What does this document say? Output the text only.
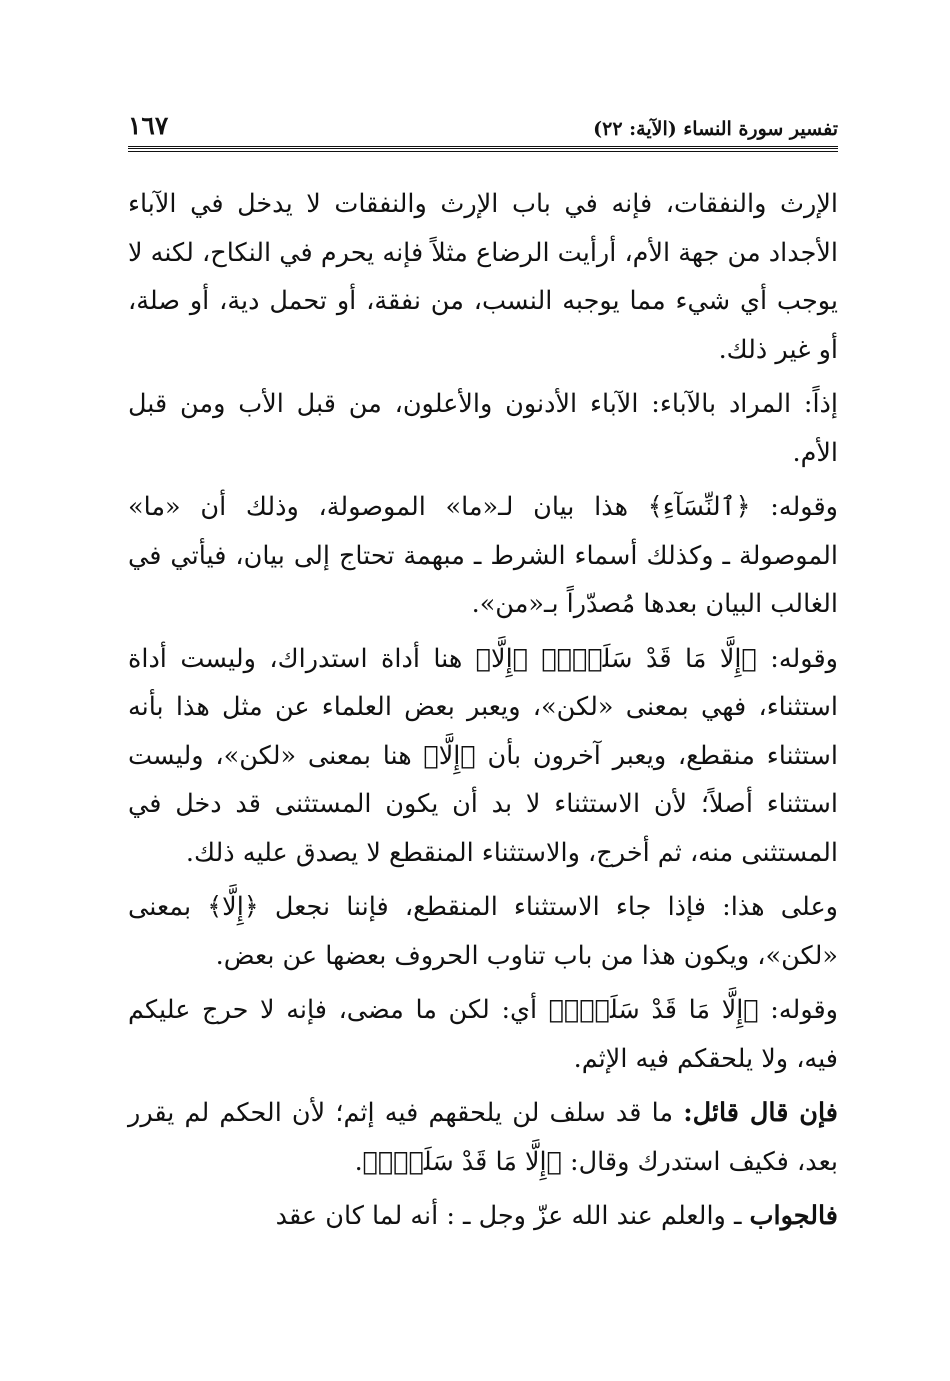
تفسير سورة النساء (الآية: ٢٢)
١٦٧

الإرث والنفقات، فإنه في باب الإرث والنفقات لا يدخل في الآباء الأجداد من جهة الأم، أرأيت الرضاع مثلاً فإنه يحرم في النكاح، لكنه لا يوجب أي شيء مما يوجبه النسب، من نفقة، أو تحمل دية، أو صلة، أو غير ذلك.

إذاً: المراد بالآباء: الآباء الأدنون والأعلون، من قبل الأب ومن قبل الأم.

وقوله: ﴿ٱلنِّسَآءِ﴾ هذا بيان لـ«ما» الموصولة، وذلك أن «ما» الموصولة ـ وكذلك أسماء الشرط ـ مبهمة تحتاج إلى بيان، فيأتي في الغالب البيان بعدها مُصدّراً بـ«من».

وقوله: ﴿إِلَّا مَا قَدْ سَلَفَۚ﴾ ﴿إِلَّا﴾ هنا أداة استدراك، وليست أداة استثناء، فهي بمعنى «لكن»، ويعبر بعض العلماء عن مثل هذا بأنه استثناء منقطع، ويعبر آخرون بأن ﴿إِلَّا﴾ هنا بمعنى «لكن»، وليست استثناء أصلاً؛ لأن الاستثناء لا بد أن يكون المستثنى قد دخل في المستثنى منه، ثم أخرج، والاستثناء المنقطع لا يصدق عليه ذلك.

وعلى هذا: فإذا جاء الاستثناء المنقطع، فإننا نجعل ﴿إِلَّا﴾ بمعنى «لكن»، ويكون هذا من باب تناوب الحروف بعضها عن بعض.

وقوله: ﴿إِلَّا مَا قَدْ سَلَفَۚ﴾ أي: لكن ما مضى، فإنه لا حرج عليكم فيه، ولا يلحقكم فيه الإثم.

فإن قال قائل: ما قد سلف لن يلحقهم فيه إثم؛ لأن الحكم لم يقرر بعد، فكيف استدرك وقال: ﴿إِلَّا مَا قَدْ سَلَفَۚ﴾.

فالجواب ـ والعلم عند الله عزّ وجل ـ : أنه لما كان عقد
